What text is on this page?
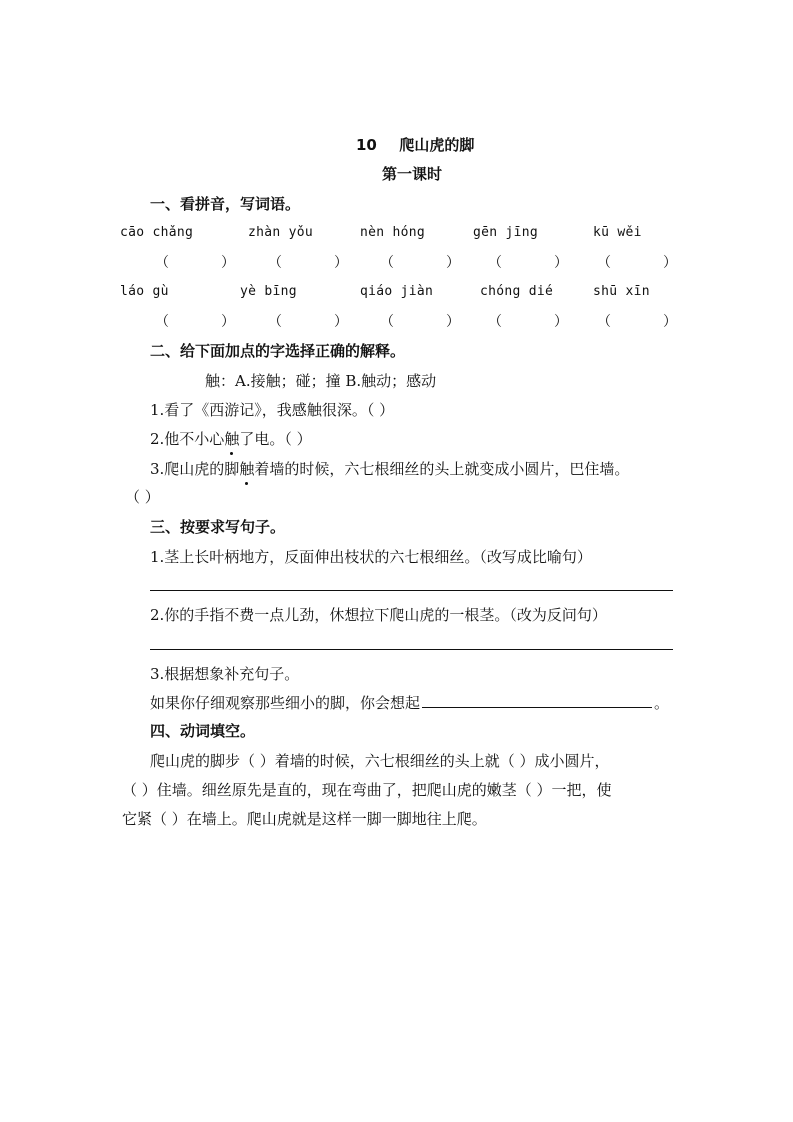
10 爬山虎的脚
第一课时
一、看拼音，写词语。
cāo chǎng	zhàn yǒu	nèn hóng	gēn jīng	kū wěi
（	） （	） （	） （	） （	）
láo gù	yè bīng	qiáo jiàn	chóng dié	shū xīn
（	） （	） （	） （	） （	）
二、给下面加点的字选择正确的解释。
触：A.接触；碰；撞 B.触动；感动
1.看了《西游记》，我感触很深。（ ）
2.他不小心触了电。（ ）
3.爬山虎的脚触着墙的时候，六七根细丝的头上就变成小圆片，巴住墙。
（ ）
三、按要求写句子。
1.茎上长叶柄地方，反面伸出枝状的六七根细丝。（改写成比喻句）
2.你的手指不费一点儿劲，休想拉下爬山虎的一根茎。（改为反问句）
3.根据想象补充句子。
如果你仔细观察那些细小的脚，你会想起	。
四、动词填空。
爬山虎的脚步（ ）着墙的时候，六七根细丝的头上就（ ）成小圆片，
（ ）住墙。细丝原先是直的，现在弯曲了，把爬山虎的嫩茎（ ）一把，使
它紧（ ）在墙上。爬山虎就是这样一脚一脚地往上爬。
